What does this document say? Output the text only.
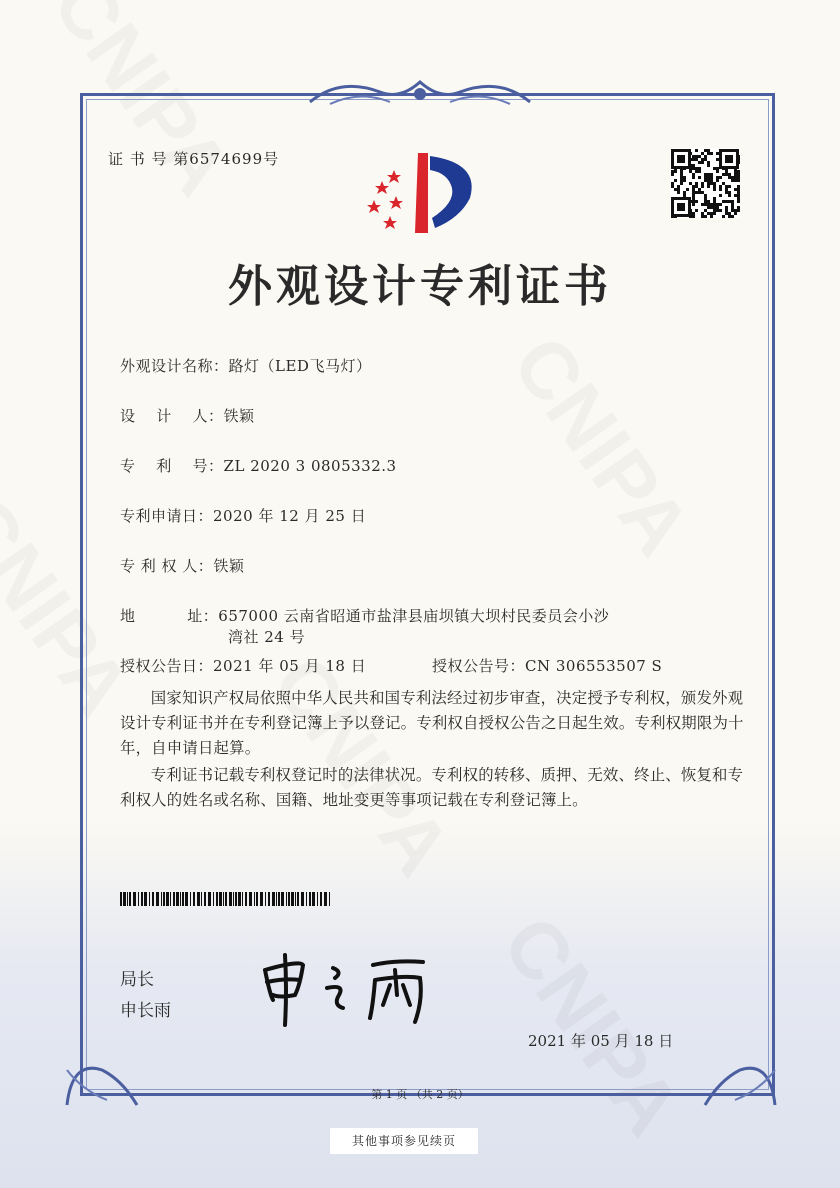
证 书 号 第6574699号
外观设计专利证书
外观设计名称：路灯（LED飞马灯）
设　 计　 人：铁颖
专　 利　 号：ZL 2020 3 0805332.3
专利申请日：2020 年 12 月 25 日
专 利 权 人：铁颖
地　　　 址：657000 云南省昭通市盐津县庙坝镇大坝村民委员会小沙
湾社 24 号
授权公告日：2021 年 05 月 18 日	授权公告号：CN 306553507 S
国家知识产权局依照中华人民共和国专利法经过初步审查，决定授予专利权，颁发外观设计专利证书并在专利登记簿上予以登记。专利权自授权公告之日起生效。专利权期限为十年，自申请日起算。
专利证书记载专利权登记时的法律状况。专利权的转移、质押、无效、终止、恢复和专利权人的姓名或名称、国籍、地址变更等事项记载在专利登记簿上。
局长
申长雨
2021 年 05 月 18 日
第 1 页 （共 2 页）
其他事项参见续页
